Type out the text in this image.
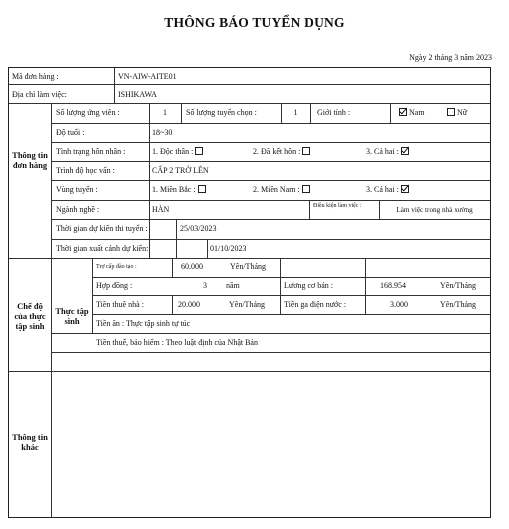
THÔNG BÁO TUYỂN DỤNG
Ngày 2 tháng 3 năm 2023
Mã đơn hàng :	VN-AIW-AITE01
Địa chỉ làm việc:	ISHIKAWA
Thông tin đơn hàng
Chế độ của thực tập sinh
Thực tập sinh
Thông tin khác
Số lượng ứng viên :	1	Số lượng tuyển chọn :	1	Giới tính :	Nam	Nữ
Độ tuổi :	18~30
Tình trạng hôn nhân :	1. Độc thân :	2. Đã kết hôn :	3. Cả hai :
Trình độ học vấn :	CẤP 2 TRỞ LÊN
Vùng tuyển :	1. Miền Bắc :	2. Miền Nam :	3. Cả hai :
Ngành nghề :	HÀN	Điều kiện làm việc :	Làm việc trong nhà xưởng
Thời gian dự kiến thi tuyển :	25/03/2023
Thời gian xuất cảnh dự kiến:	01/10/2023
Trợ cấp đào tạo :	60.000	Yên/Tháng
Hợp đồng :	3 năm	Lương cơ bản :	168.954	Yên/Tháng
Tiền thuê nhà :	20.000	Yên/Tháng Tiền ga điện nước :	3.000	Yên/Tháng
Tiền ăn : Thực tập sinh tự túc
Tiền thuế, bảo hiểm : Theo luật định của Nhật Bản
